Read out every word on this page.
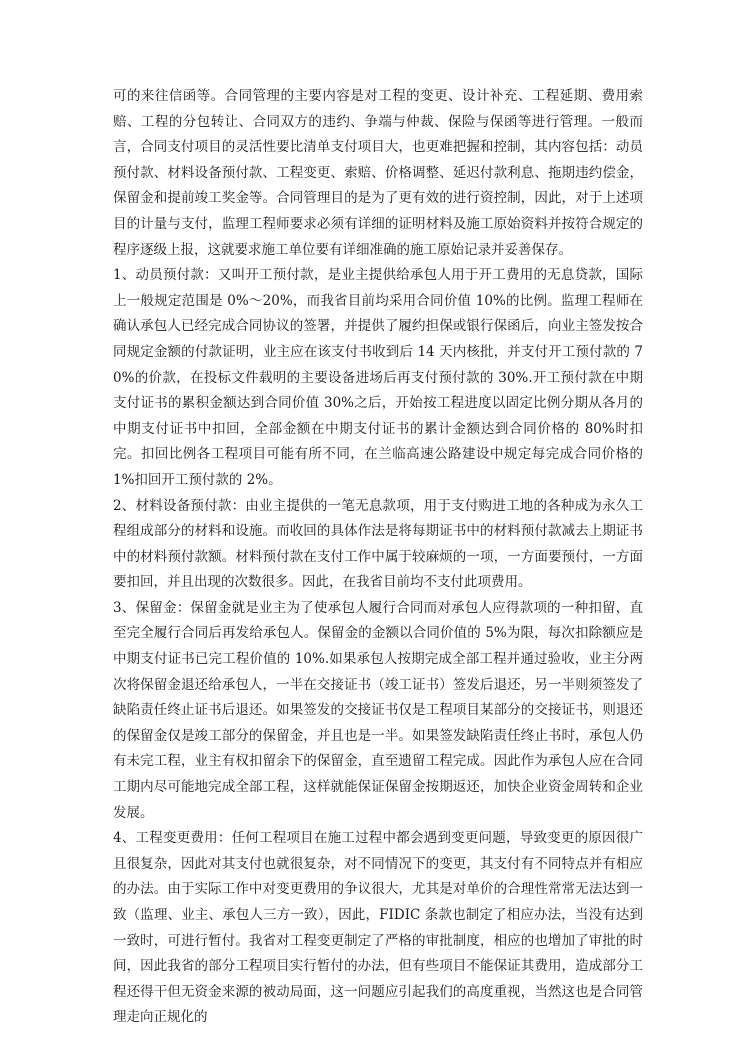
可的来往信函等。合同管理的主要内容是对工程的变更、设计补充、工程延期、费用索赔、工程的分包转让、合同双方的违约、争端与仲裁、保险与保函等进行管理。一般而言，合同支付项目的灵活性要比清单支付项目大，也更难把握和控制，其内容包括：动员预付款、材料设备预付款、工程变更、索赔、价格调整、延迟付款利息、拖期违约偿金，保留金和提前竣工奖金等。合同管理目的是为了更有效的进行资控制，因此，对于上述项目的计量与支付，监理工程师要求必须有详细的证明材料及施工原始资料并按符合规定的程序逐级上报，这就要求施工单位要有详细准确的施工原始记录并妥善保存。

1、动员预付款：又叫开工预付款，是业主提供给承包人用于开工费用的无息贷款，国际上一般规定范围是 0%～20%，而我省目前均采用合同价值 10%的比例。监理工程师在确认承包人已经完成合同协议的签署，并提供了履约担保或银行保函后，向业主签发按合同规定金额的付款证明，业主应在该支付书收到后 14 天内核批，并支付开工预付款的 70%的价款，在投标文件载明的主要设备进场后再支付预付款的 30%.开工预付款在中期支付证书的累积金额达到合同价值 30%之后，开始按工程进度以固定比例分期从各月的中期支付证书中扣回，全部金额在中期支付证书的累计金额达到合同价格的 80%时扣完。扣回比例各工程项目可能有所不同，在兰临高速公路建设中规定每完成合同价格的 1%扣回开工预付款的 2%。

2、材料设备预付款：由业主提供的一笔无息款项，用于支付购进工地的各种成为永久工程组成部分的材料和设施。而收回的具体作法是将每期证书中的材料预付款减去上期证书中的材料预付款额。材料预付款在支付工作中属于较麻烦的一项，一方面要预付，一方面要扣回，并且出现的次数很多。因此，在我省目前均不支付此项费用。

3、保留金：保留金就是业主为了使承包人履行合同而对承包人应得款项的一种扣留，直至完全履行合同后再发给承包人。保留金的金额以合同价值的 5%为限，每次扣除额应是中期支付证书已完工程价值的 10%.如果承包人按期完成全部工程并通过验收，业主分两次将保留金退还给承包人，一半在交接证书（竣工证书）签发后退还，另一半则须签发了缺陷责任终止证书后退还。如果签发的交接证书仅是工程项目某部分的交接证书，则退还的保留金仅是竣工部分的保留金，并且也是一半。如果签发缺陷责任终止书时，承包人仍有未完工程，业主有权扣留余下的保留金，直至遗留工程完成。因此作为承包人应在合同工期内尽可能地完成全部工程，这样就能保证保留金按期返还，加快企业资金周转和企业发展。

4、工程变更费用：任何工程项目在施工过程中都会遇到变更问题，导致变更的原因很广且很复杂，因此对其支付也就很复杂，对不同情况下的变更，其支付有不同特点并有相应的办法。由于实际工作中对变更费用的争议很大，尤其是对单价的合理性常常无法达到一致（监理、业主、承包人三方一致），因此，FIDIC 条款也制定了相应办法，当没有达到一致时，可进行暂付。我省对工程变更制定了严格的审批制度，相应的也增加了审批的时间，因此我省的部分工程项目实行暂付的办法，但有些项目不能保证其费用，造成部分工程还得干但无资金来源的被动局面，这一问题应引起我们的高度重视，当然这也是合同管理走向正规化的
